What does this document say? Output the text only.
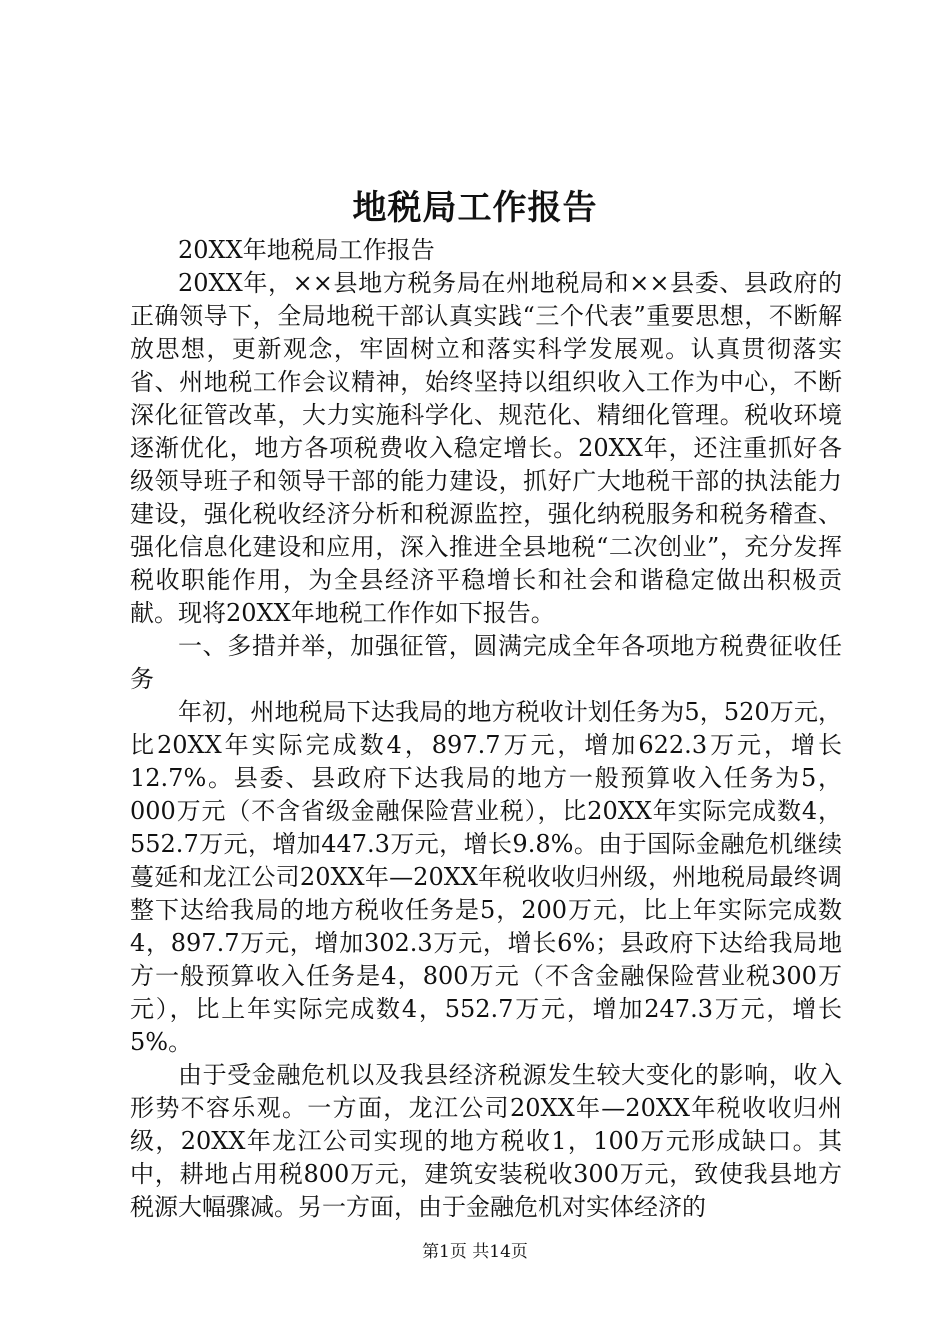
地税局工作报告

20XX年地税局工作报告

20XX年，××县地方税务局在州地税局和××县委、县政府的正确领导下，全局地税干部认真实践“三个代表”重要思想，不断解放思想，更新观念，牢固树立和落实科学发展观。认真贯彻落实省、州地税工作会议精神，始终坚持以组织收入工作为中心，不断深化征管改革，大力实施科学化、规范化、精细化管理。税收环境逐渐优化，地方各项税费收入稳定增长。20XX年，还注重抓好各级领导班子和领导干部的能力建设，抓好广大地税干部的执法能力建设，强化税收经济分析和税源监控，强化纳税服务和税务稽查、强化信息化建设和应用，深入推进全县地税“二次创业”，充分发挥税收职能作用，为全县经济平稳增长和社会和谐稳定做出积极贡献。现将20XX年地税工作作如下报告。

一、多措并举，加强征管，圆满完成全年各项地方税费征收任务

年初，州地税局下达我局的地方税收计划任务为5，520万元，比20XX年实际完成数4，897.7万元，增加622.3万元，增长12.7%。县委、县政府下达我局的地方一般预算收入任务为5，000万元（不含省级金融保险营业税），比20XX年实际完成数4，552.7万元，增加447.3万元，增长9.8%。由于国际金融危机继续蔓延和龙江公司20XX年—20XX年税收收归州级，州地税局最终调整下达给我局的地方税收任务是5，200万元，比上年实际完成数4，897.7万元，增加302.3万元，增长6%；县政府下达给我局地方一般预算收入任务是4，800万元（不含金融保险营业税300万元），比上年实际完成数4，552.7万元，增加247.3万元，增长5%。

由于受金融危机以及我县经济税源发生较大变化的影响，收入形势不容乐观。一方面，龙江公司20XX年—20XX年税收收归州级，20XX年龙江公司实现的地方税收1，100万元形成缺口。其中，耕地占用税800万元，建筑安装税收300万元，致使我县地方税源大幅骤减。另一方面，由于金融危机对实体经济的

第1页 共14页
